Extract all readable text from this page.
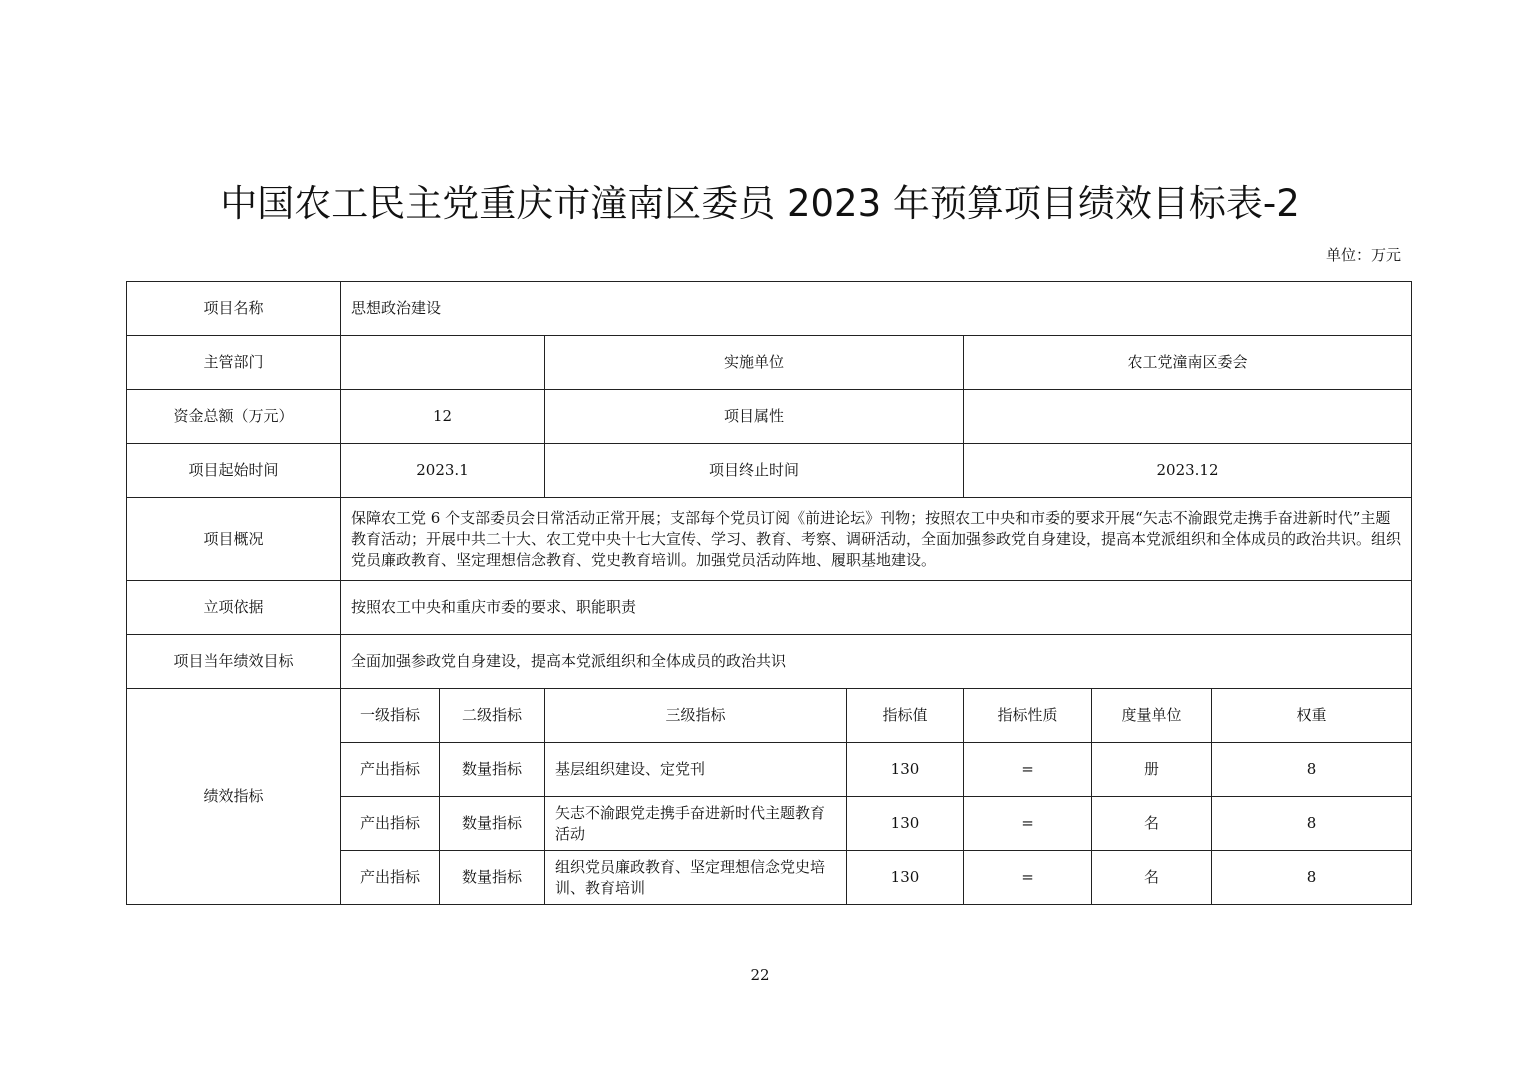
中国农工民主党重庆市潼南区委员 2023 年预算项目绩效目标表-2
单位：万元
项目名称	思想政治建设						
主管部门			实施单位		农工党潼南区委会		
资金总额（万元）	12		项目属性				
项目起始时间	2023.1		项目终止时间		2023.12		
项目概况	保障农工党 6 个支部委员会日常活动正常开展；支部每个党员订阅《前进论坛》刊物；按照农工中央和市委的要求开展“矢志不渝跟党走携手奋进新时代”主题教育活动；开展中共二十大、农工党中央十七大宣传、学习、教育、考察、调研活动，全面加强参政党自身建设，提高本党派组织和全体成员的政治共识。组织党员廉政教育、坚定理想信念教育、党史教育培训。加强党员活动阵地、履职基地建设。						
立项依据	按照农工中央和重庆市委的要求、职能职责						
项目当年绩效目标	全面加强参政党自身建设，提高本党派组织和全体成员的政治共识						
绩效指标	一级指标	二级指标	三级指标	指标值	指标性质	度量单位	权重
	产出指标	数量指标	基层组织建设、定党刊	130	=	册	8
	产出指标	数量指标	矢志不渝跟党走携手奋进新时代主题教育活动	130	=	名	8
	产出指标	数量指标	组织党员廉政教育、坚定理想信念党史培训、教育培训	130	=	名	8
22
